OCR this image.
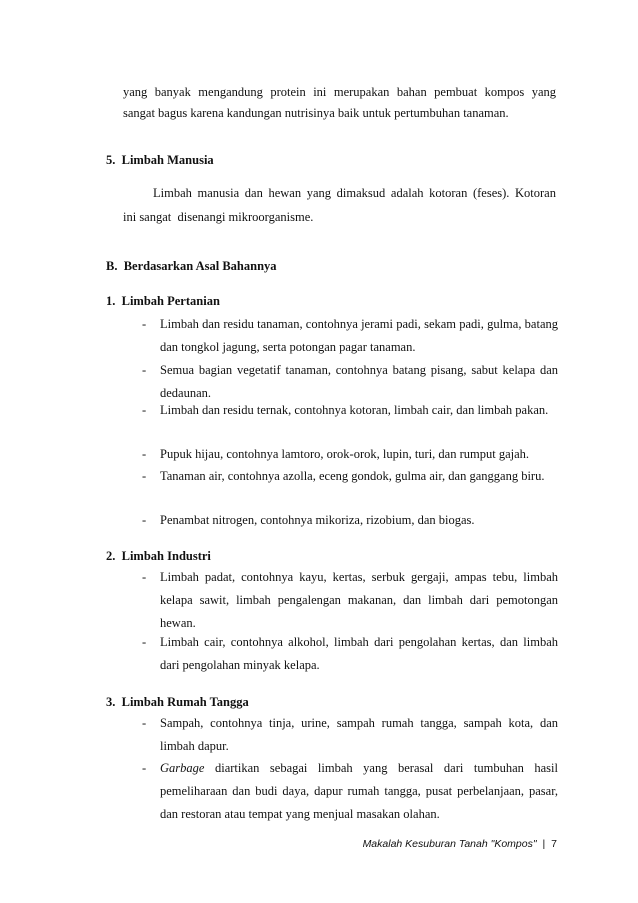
yang banyak mengandung protein ini merupakan bahan pembuat kompos yang
sangat bagus karena kandungan nutrisinya baik untuk pertumbuhan tanaman.
5.  Limbah Manusia
Limbah manusia dan hewan yang dimaksud adalah kotoran (feses). Kotoran
ini sangat  disenangi mikroorganisme.
B.  Berdasarkan Asal Bahannya
1.  Limbah Pertanian
- Limbah dan residu tanaman, contohnya jerami padi, sekam padi, gulma, batang dan tongkol jagung, serta potongan pagar tanaman.
- Semua bagian vegetatif tanaman, contohnya batang pisang, sabut kelapa dan dedaunan.
- Limbah dan residu ternak, contohnya kotoran, limbah cair, dan limbah pakan.
- Pupuk hijau, contohnya lamtoro, orok-orok, lupin, turi, dan rumput gajah.
- Tanaman air, contohnya azolla, eceng gondok, gulma air, dan ganggang biru.
- Penambat nitrogen, contohnya mikoriza, rizobium, dan biogas.
2.  Limbah Industri
- Limbah padat, contohnya kayu, kertas, serbuk gergaji, ampas tebu, limbah kelapa sawit, limbah pengalengan makanan, dan limbah dari pemotongan hewan.
- Limbah cair, contohnya alkohol, limbah dari pengolahan kertas, dan limbah dari pengolahan minyak kelapa.
3.  Limbah Rumah Tangga
- Sampah, contohnya tinja, urine, sampah rumah tangga, sampah kota, dan limbah dapur.
- Garbage diartikan sebagai limbah yang berasal dari tumbuhan hasil pemeliharaan dan budi daya, dapur rumah tangga, pusat perbelanjaan, pasar, dan restoran atau tempat yang menjual masakan olahan.
Makalah Kesuburan Tanah "Kompos" | 7
